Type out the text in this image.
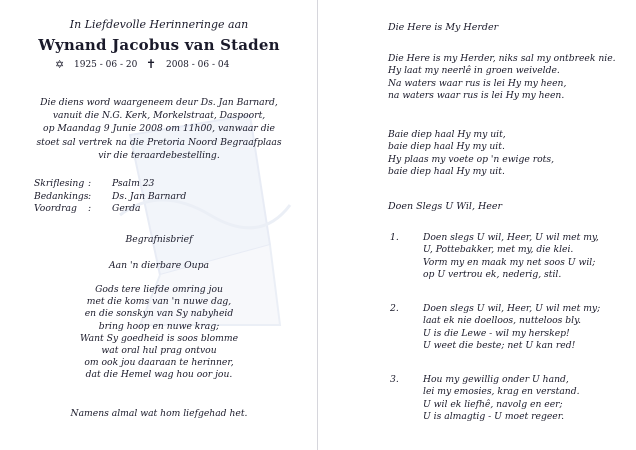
In Liefdevolle Herinneringe aan
Wynand Jacobus van Staden
✡ 1925 - 06 - 20 ✝ 2008 - 06 - 04
Die diens word waargeneem deur Ds. Jan Barnard,
vanuit die N.G. Kerk, Morkelstraat, Daspoort,
op Maandag 9 Junie 2008 om 11h00, vanwaar die
stoet sal vertrek na die Pretoria Noord Begraafplaas
vir die teraardebestelling.
Skriflesing : Psalm 23
Bedankings : Ds. Jan Barnard
Voordrag : Gerda
Begrafnisbrief
Aan 'n dierbare Oupa
Gods tere liefde omring jou
met die koms van 'n nuwe dag,
en die sonskyn van Sy nabyheid
bring hoop en nuwe krag;
Want Sy goedheid is soos blomme
wat oral hul prag ontvou
om ook jou daaraan te herinner,
dat die Hemel wag hou oor jou.
Namens almal wat hom liefgehad het.
Die Here is My Herder
Die Here is my Herder, niks sal my ontbreek nie.
Hy laat my neerlê in groen weivelde.
Na waters waar rus is lei Hy my heen,
na waters waar rus is lei Hy my heen.
Baie diep haal Hy my uit,
baie diep haal Hy my uit.
Hy plaas my voete op 'n ewige rots,
baie diep haal Hy my uit.
Doen Slegs U Wil, Heer
1.	Doen slegs U wil, Heer, U wil met my,
U, Pottebakker, met my, die klei.
Vorm my en maak my net soos U wil;
op U vertrou ek, nederig, stil.
2.	Doen slegs U wil, Heer, U wil met my;
laat ek nie doelloos, nutteloos bly.
U is die Lewe - wil my herskep!
U weet die beste; net U kan red!
3.	Hou my gewillig onder U hand,
lei my emosies, krag en verstand.
U wil ek liefhê, navolg en eer;
U is almagtig - U moet regeer.
